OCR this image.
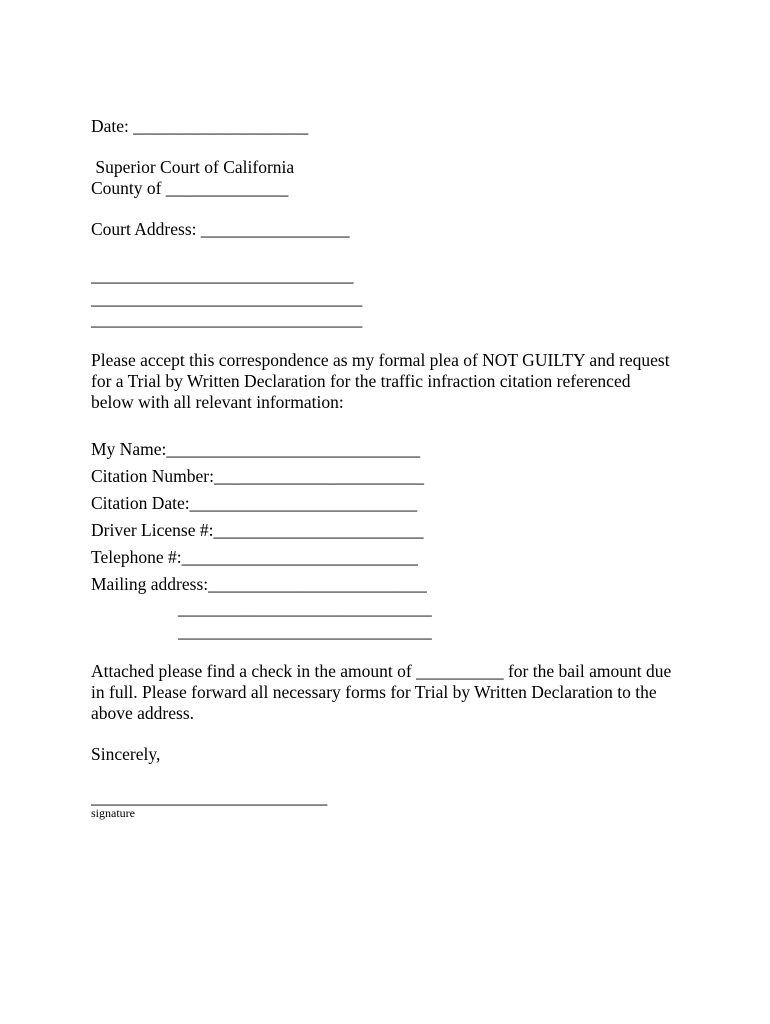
Date: ____________________
Superior Court of California
County of ______________
Court Address: _________________
______________________________
_______________________________
_______________________________
Please accept this correspondence as my formal plea of NOT GUILTY and request
for a Trial by Written Declaration for the traffic infraction citation referenced
below with all relevant information:
My Name:_____________________________
Citation Number:________________________
Citation Date:__________________________
Driver License #:________________________
Telephone #:___________________________
Mailing address:_________________________
_____________________________
_____________________________
Attached please find a check in the amount of __________ for the bail amount due
in full. Please forward all necessary forms for Trial by Written Declaration to the
above address.
Sincerely,
___________________________
signature
